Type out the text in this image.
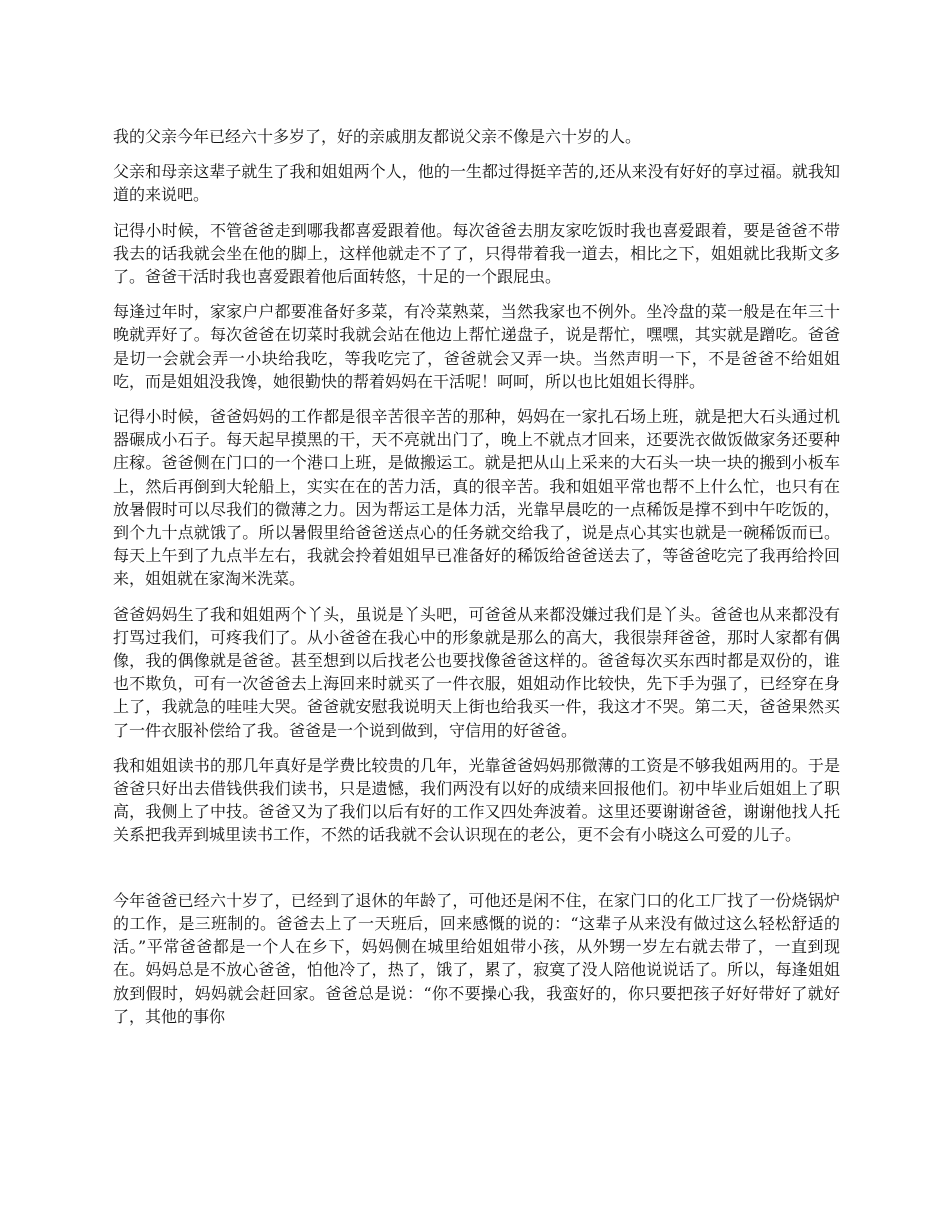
我的父亲今年已经六十多岁了，好的亲戚朋友都说父亲不像是六十岁的人。

父亲和母亲这辈子就生了我和姐姐两个人，他的一生都过得挺辛苦的,还从来没有好好的享过福。就我知道的来说吧。

记得小时候，不管爸爸走到哪我都喜爱跟着他。每次爸爸去朋友家吃饭时我也喜爱跟着，要是爸爸不带我去的话我就会坐在他的脚上，这样他就走不了了，只得带着我一道去，相比之下，姐姐就比我斯文多了。爸爸干活时我也喜爱跟着他后面转悠，十足的一个跟屁虫。

每逢过年时，家家户户都要准备好多菜，有冷菜熟菜，当然我家也不例外。坐冷盘的菜一般是在年三十晚就弄好了。每次爸爸在切菜时我就会站在他边上帮忙递盘子，说是帮忙，嘿嘿，其实就是蹭吃。爸爸是切一会就会弄一小块给我吃，等我吃完了，爸爸就会又弄一块。当然声明一下，不是爸爸不给姐姐吃，而是姐姐没我馋，她很勤快的帮着妈妈在干活呢！呵呵，所以也比姐姐长得胖。

记得小时候，爸爸妈妈的工作都是很辛苦很辛苦的那种，妈妈在一家扎石场上班，就是把大石头通过机器碾成小石子。每天起早摸黑的干，天不亮就出门了，晚上不就点才回来，还要洗衣做饭做家务还要种庄稼。爸爸侧在门口的一个港口上班，是做搬运工。就是把从山上采来的大石头一块一块的搬到小板车上，然后再倒到大轮船上，实实在在的苦力活，真的很辛苦。我和姐姐平常也帮不上什么忙，也只有在放暑假时可以尽我们的微薄之力。因为帮运工是体力活，光靠早晨吃的一点稀饭是撑不到中午吃饭的，到个九十点就饿了。所以暑假里给爸爸送点心的任务就交给我了，说是点心其实也就是一碗稀饭而已。每天上午到了九点半左右，我就会拎着姐姐早已准备好的稀饭给爸爸送去了，等爸爸吃完了我再给拎回来，姐姐就在家淘米洗菜。

爸爸妈妈生了我和姐姐两个丫头，虽说是丫头吧，可爸爸从来都没嫌过我们是丫头。爸爸也从来都没有打骂过我们，可疼我们了。从小爸爸在我心中的形象就是那么的高大，我很崇拜爸爸，那时人家都有偶像，我的偶像就是爸爸。甚至想到以后找老公也要找像爸爸这样的。爸爸每次买东西时都是双份的，谁也不欺负，可有一次爸爸去上海回来时就买了一件衣服，姐姐动作比较快，先下手为强了，已经穿在身上了，我就急的哇哇大哭。爸爸就安慰我说明天上街也给我买一件，我这才不哭。第二天，爸爸果然买了一件衣服补偿给了我。爸爸是一个说到做到，守信用的好爸爸。

我和姐姐读书的那几年真好是学费比较贵的几年，光靠爸爸妈妈那微薄的工资是不够我姐两用的。于是爸爸只好出去借钱供我们读书，只是遗憾，我们两没有以好的成绩来回报他们。初中毕业后姐姐上了职高，我侧上了中技。爸爸又为了我们以后有好的工作又四处奔波着。这里还要谢谢爸爸，谢谢他找人托关系把我弄到城里读书工作，不然的话我就不会认识现在的老公，更不会有小晓这么可爱的儿子。

今年爸爸已经六十岁了，已经到了退休的年龄了，可他还是闲不住，在家门口的化工厂找了一份烧锅炉的工作，是三班制的。爸爸去上了一天班后，回来感慨的说的：“这辈子从来没有做过这么轻松舒适的活。”平常爸爸都是一个人在乡下，妈妈侧在城里给姐姐带小孩，从外甥一岁左右就去带了，一直到现在。妈妈总是不放心爸爸，怕他冷了，热了，饿了，累了，寂寞了没人陪他说说话了。所以，每逢姐姐放到假时，妈妈就会赶回家。爸爸总是说：“你不要操心我，我蛮好的，你只要把孩子好好带好了就好了，其他的事你
